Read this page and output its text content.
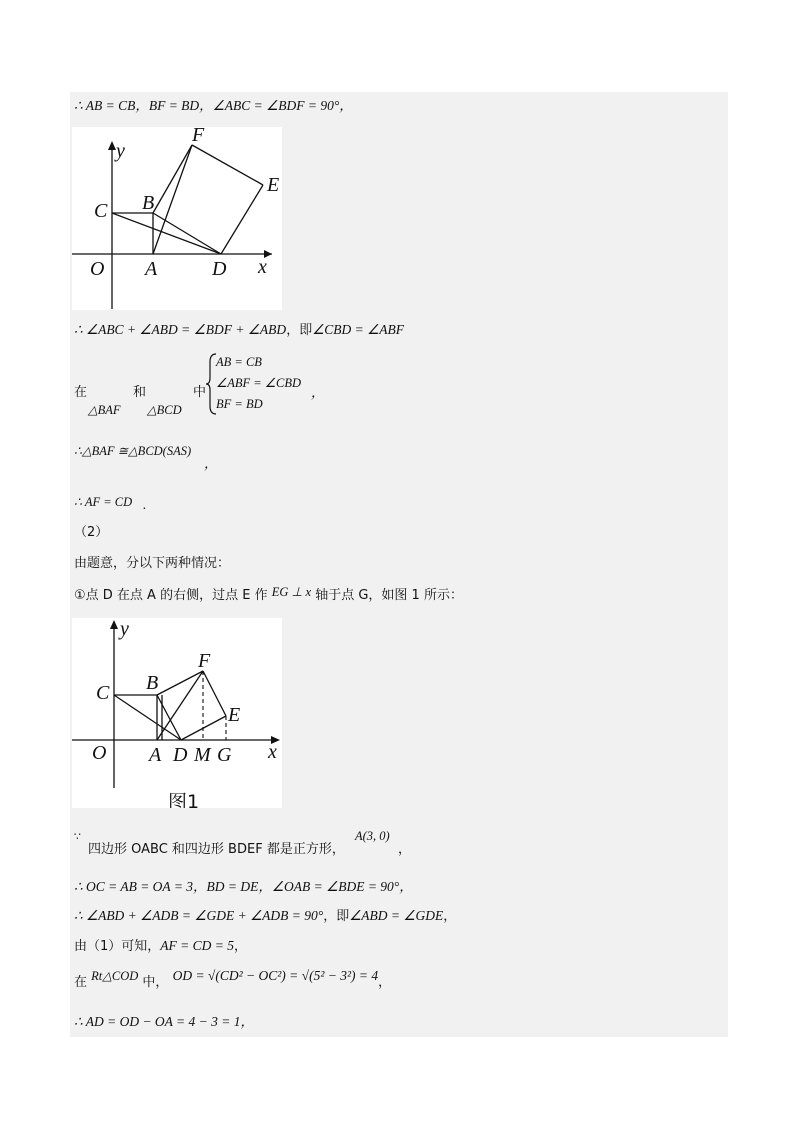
∴ AB = CB，BF = BD，∠ABC = ∠BDF = 90°，
y
x
O A
B
C
D
E
F
∴ ∠ABC + ∠ABD = ∠BDF + ∠ABD，即∠CBD = ∠ABF
在
△BAF
和
△BCD
中
AB = CB
∠ABF = ∠CBD
BF = BD
，
∴△BAF ≅△BCD(SAS)
，
∴ AF = CD .
（2）
由题意，分以下两种情况：
①点 D 在点 A 的右侧，过点 E 作 EG ⊥ x 轴于点 G，如图 1 所示：
y
x
O A
B
C
D
E
F
M G
图1
∵
四边形 OABC 和四边形 BDEF 都是正方形，
A(3, 0)
，
∴ OC = AB = OA = 3，BD = DE，∠OAB = ∠BDE = 90°，
∴ ∠ABD + ∠ADB = ∠GDE + ∠ADB = 90°，即∠ABD = ∠GDE，
由（1）可知，AF = CD = 5，
在 Rt△COD 中， OD = √(CD² − OC²) = √(5² − 3²) = 4，
∴ AD = OD − OA = 4 − 3 = 1，
